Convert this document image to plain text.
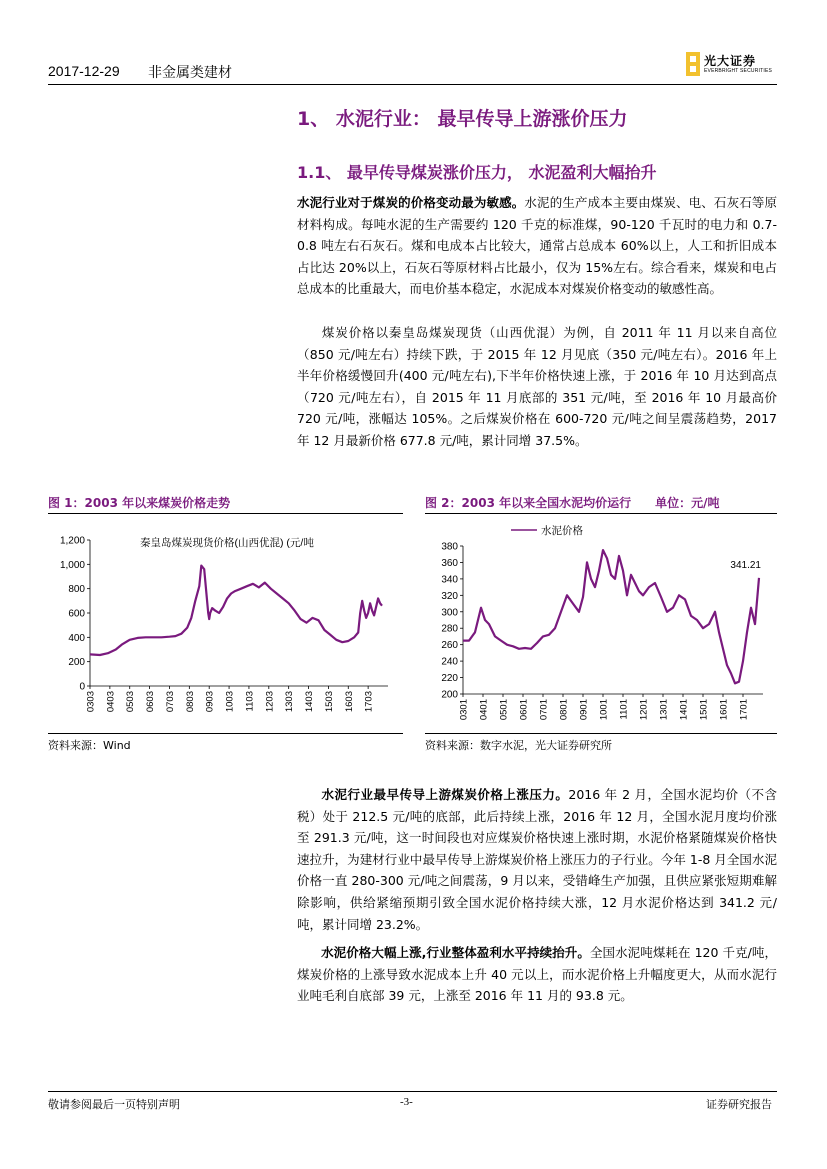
2017-12-29 非金属类建材
光大证券
EVERBRIGHT SECURITIES
1、 水泥行业： 最早传导上游涨价压力
1.1、 最早传导煤炭涨价压力， 水泥盈利大幅抬升
水泥行业对于煤炭的价格变动最为敏感。水泥的生产成本主要由煤炭、电、石灰石等原材料构成。每吨水泥的生产需要约 120 千克的标准煤，90-120 千瓦时的电力和 0.7-0.8 吨左右石灰石。煤和电成本占比较大，通常占总成本 60%以上，人工和折旧成本占比达 20%以上，石灰石等原材料占比最小，仅为 15%左右。综合看来，煤炭和电占总成本的比重最大，而电价基本稳定，水泥成本对煤炭价格变动的敏感性高。
煤炭价格以秦皇岛煤炭现货（山西优混）为例，自 2011 年 11 月以来自高位（850 元/吨左右）持续下跌，于 2015 年 12 月见底（350 元/吨左右）。2016 年上半年价格缓慢回升(400 元/吨左右),下半年价格快速上涨，于 2016 年 10 月达到高点（720 元/吨左右），自 2015 年 11 月底部的 351 元/吨，至 2016 年 10 月最高价 720 元/吨，涨幅达 105%。之后煤炭价格在 600-720 元/吨之间呈震荡趋势，2017 年 12 月最新价格 677.8 元/吨，累计同增 37.5%。
图 1：2003 年以来煤炭价格走势
0
200
400
600
800
1,000
1,200
0303 0403 0503 0603 0703 0803 0903 1003 1103 1203 1303 1403 1503 1603 1703
秦皇岛煤炭现货价格(山西优混) (元/吨
资料来源：Wind
图 2：2003 年以来全国水泥均价运行　　单位：元/吨
200
220
240
260
280
300
320
340
360
380
0301 0401 0501 0601 0701 0801 0901 1001 1101 1201 1301 1401 1501 1601 1701
水泥价格
341.21
资料来源：数字水泥，光大证券研究所
水泥行业最早传导上游煤炭价格上涨压力。2016 年 2 月，全国水泥均价（不含税）处于 212.5 元/吨的底部，此后持续上涨，2016 年 12 月，全国水泥月度均价涨至 291.3 元/吨，这一时间段也对应煤炭价格快速上涨时期，水泥价格紧随煤炭价格快速拉升，为建材行业中最早传导上游煤炭价格上涨压力的子行业。今年 1-8 月全国水泥价格一直 280-300 元/吨之间震荡，9 月以来，受错峰生产加强，且供应紧张短期难解除影响，供给紧缩预期引致全国水泥价格持续大涨，12 月水泥价格达到 341.2 元/吨，累计同增 23.2%。
水泥价格大幅上涨,行业整体盈利水平持续抬升。全国水泥吨煤耗在 120 千克/吨，煤炭价格的上涨导致水泥成本上升 40 元以上，而水泥价格上升幅度更大，从而水泥行业吨毛利自底部 39 元，上涨至 2016 年 11 月的 93.8 元。
敬请参阅最后一页特别声明	-3-	证券研究报告
